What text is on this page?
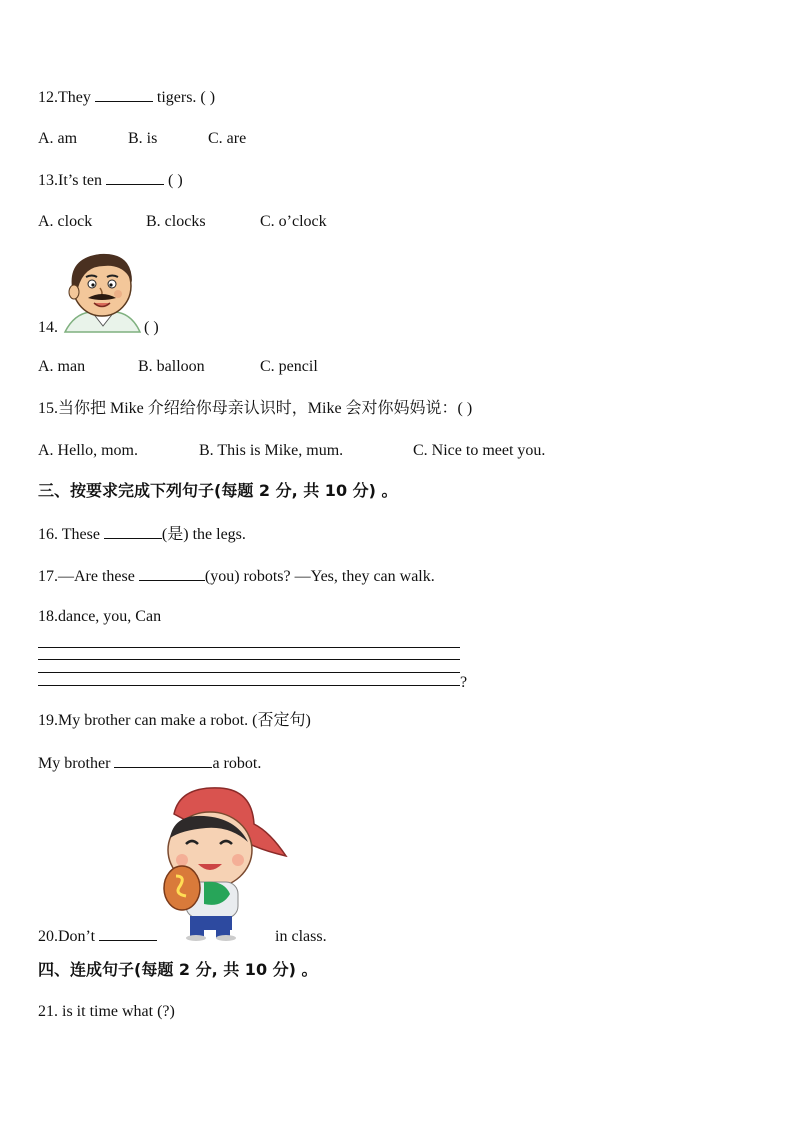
12.They	tigers. ( )
A. am	B. is	C. are
13.It’s ten	( )
A. clock	B. clocks	C. o’clock
14.	( )
A. man	B. balloon	C. pencil
15.当你把 Mike 介绍给你母亲认识时，Mike 会对你妈妈说：( )
A. Hello, mom.	B. This is Mike, mum.	C. Nice to meet you.
三、按要求完成下列句子(每题 2 分, 共 10 分) 。
16. These	(是) the legs.
17.—Are these	(you) robots? —Yes, they can walk.
18.dance, you, Can
?
19.My brother can make a robot. (否定句)
My brother	a robot.
20.Don’t	in class.
四、连成句子(每题 2 分, 共 10 分) 。
21. is it time what (?)
